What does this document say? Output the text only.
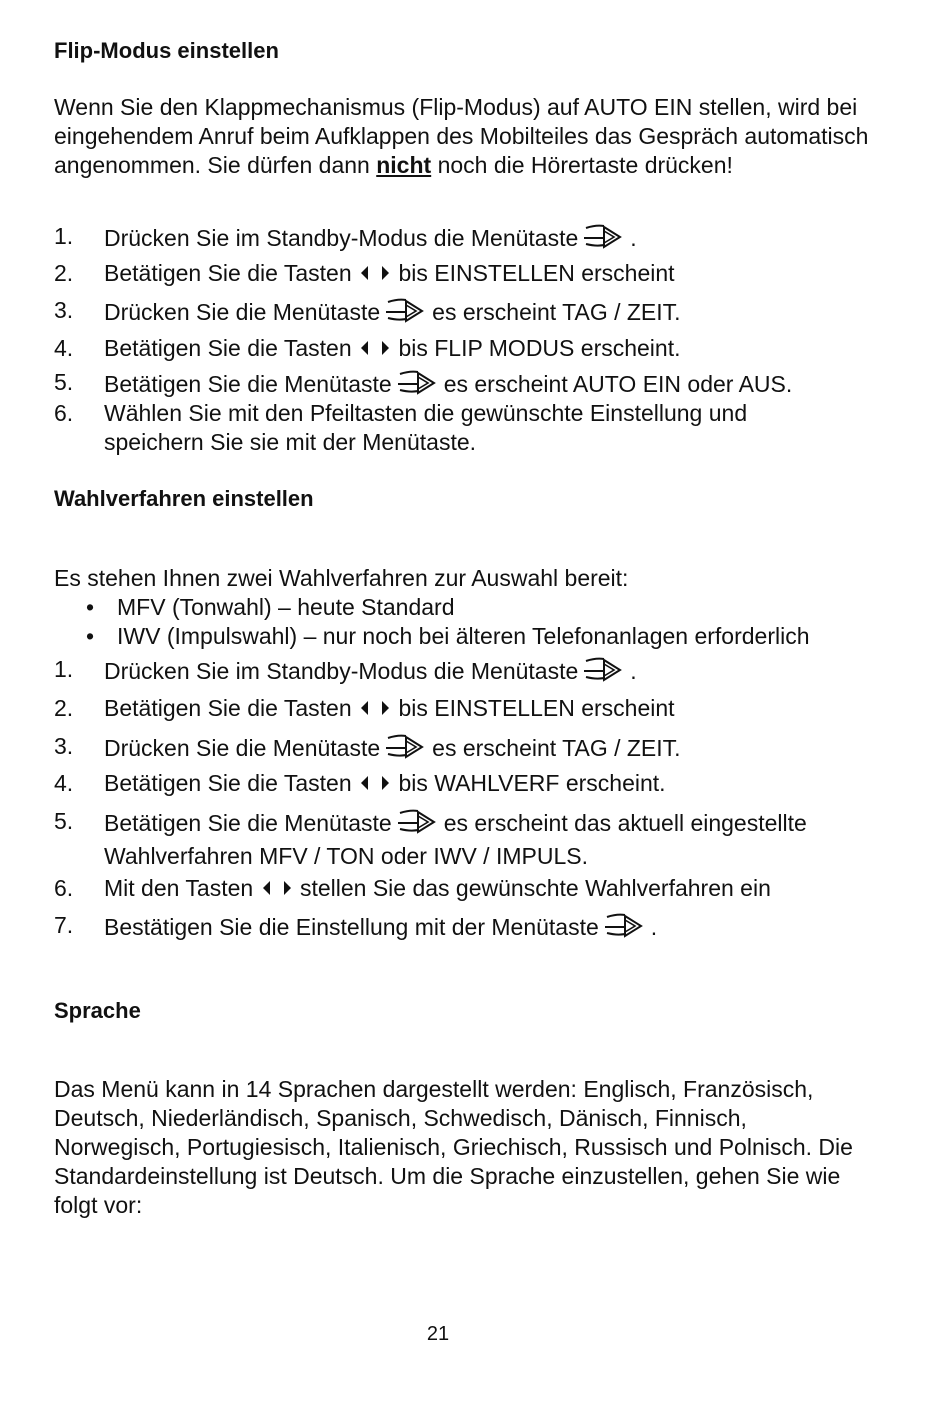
Flip-Modus einstellen

Wenn Sie den Klappmechanismus (Flip-Modus) auf AUTO EIN stellen, wird bei eingehendem Anruf beim Aufklappen des Mobilteiles das Gespräch automatisch angenommen. Sie dürfen dann nicht noch die Hörertaste drücken!

1.	Drücken Sie im Standby-Modus die Menütaste .
2.	Betätigen Sie die Tasten bis EINSTELLEN erscheint
3.	Drücken Sie die Menütaste es erscheint TAG / ZEIT.
4.	Betätigen Sie die Tasten bis FLIP MODUS erscheint.
5.	Betätigen Sie die Menütaste es erscheint AUTO EIN oder AUS.
6.	Wählen Sie mit den Pfeiltasten die gewünschte Einstellung und
speichern Sie sie mit der Menütaste.
Wahlverfahren einstellen

Es stehen Ihnen zwei Wahlverfahren zur Auswahl bereit:

• MFV (Tonwahl) – heute Standard
• IWV (Impulswahl) – nur noch bei älteren Telefonanlagen erforderlich
1.	Drücken Sie im Standby-Modus die Menütaste .
2.	Betätigen Sie die Tasten bis EINSTELLEN erscheint
3.	Drücken Sie die Menütaste es erscheint TAG / ZEIT.
4.	Betätigen Sie die Tasten bis WAHLVERF erscheint.
5.	Betätigen Sie die Menütaste es erscheint das aktuell eingestellte
Wahlverfahren MFV / TON oder IWV / IMPULS.
6.	Mit den Tasten stellen Sie das gewünschte Wahlverfahren ein
7.	Bestätigen Sie die Einstellung mit der Menütaste .
Sprache

Das Menü kann in 14 Sprachen dargestellt werden: Englisch, Französisch, Deutsch, Niederländisch, Spanisch, Schwedisch, Dänisch, Finnisch, Norwegisch, Portugiesisch, Italienisch, Griechisch, Russisch und Polnisch. Die Standardeinstellung ist Deutsch. Um die Sprache einzustellen, gehen Sie wie folgt vor:

21
